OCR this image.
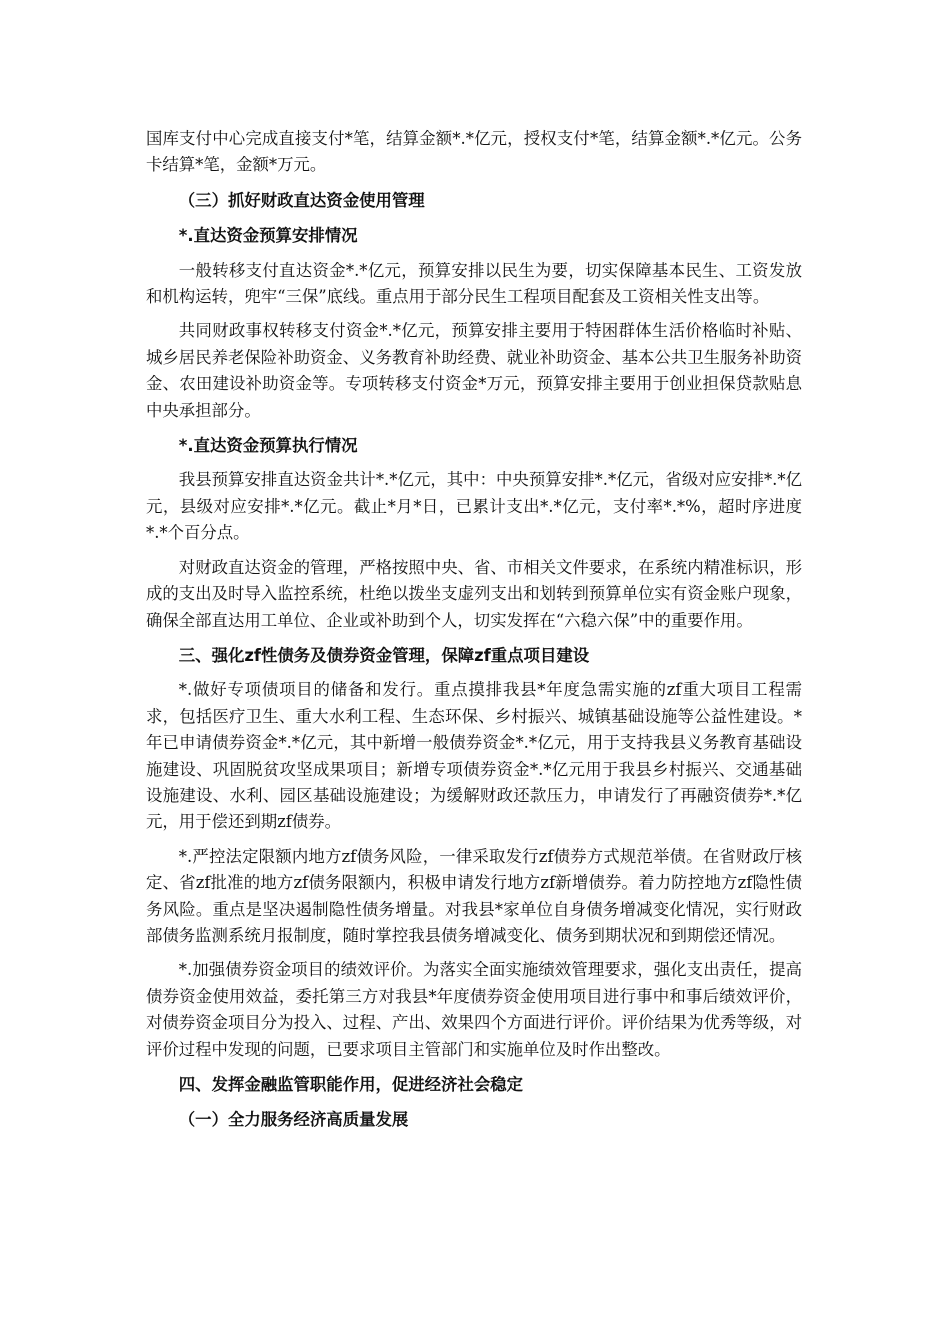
国库支付中心完成直接支付*笔，结算金额*.*亿元，授权支付*笔，结算金额*.*亿元。公务卡结算*笔，金额*万元。

（三）抓好财政直达资金使用管理

*.直达资金预算安排情况

一般转移支付直达资金*.*亿元，预算安排以民生为要，切实保障基本民生、工资发放和机构运转，兜牢“三保”底线。重点用于部分民生工程项目配套及工资相关性支出等。

共同财政事权转移支付资金*.*亿元，预算安排主要用于特困群体生活价格临时补贴、城乡居民养老保险补助资金、义务教育补助经费、就业补助资金、基本公共卫生服务补助资金、农田建设补助资金等。专项转移支付资金*万元，预算安排主要用于创业担保贷款贴息中央承担部分。

*.直达资金预算执行情况

我县预算安排直达资金共计*.*亿元，其中：中央预算安排*.*亿元，省级对应安排*.*亿元，县级对应安排*.*亿元。截止*月*日，已累计支出*.*亿元，支付率*.*%，超时序进度*.*个百分点。

对财政直达资金的管理，严格按照中央、省、市相关文件要求，在系统内精准标识，形成的支出及时导入监控系统，杜绝以拨坐支虚列支出和划转到预算单位实有资金账户现象，确保全部直达用工单位、企业或补助到个人，切实发挥在“六稳六保”中的重要作用。

三、强化zf性债务及债券资金管理，保障zf重点项目建设

*.做好专项债项目的储备和发行。重点摸排我县*年度急需实施的zf重大项目工程需求，包括医疗卫生、重大水利工程、生态环保、乡村振兴、城镇基础设施等公益性建设。*年已申请债券资金*.*亿元，其中新增一般债券资金*.*亿元，用于支持我县义务教育基础设施建设、巩固脱贫攻坚成果项目；新增专项债券资金*.*亿元用于我县乡村振兴、交通基础设施建设、水利、园区基础设施建设；为缓解财政还款压力，申请发行了再融资债券*.*亿元，用于偿还到期zf债券。

*.严控法定限额内地方zf债务风险，一律采取发行zf债券方式规范举债。在省财政厅核定、省zf批准的地方zf债务限额内，积极申请发行地方zf新增债券。着力防控地方zf隐性债务风险。重点是坚决遏制隐性债务增量。对我县*家单位自身债务增减变化情况，实行财政部债务监测系统月报制度，随时掌控我县债务增减变化、债务到期状况和到期偿还情况。

*.加强债券资金项目的绩效评价。为落实全面实施绩效管理要求，强化支出责任，提高债券资金使用效益，委托第三方对我县*年度债券资金使用项目进行事中和事后绩效评价，对债券资金项目分为投入、过程、产出、效果四个方面进行评价。评价结果为优秀等级，对评价过程中发现的问题，已要求项目主管部门和实施单位及时作出整改。

四、发挥金融监管职能作用，促进经济社会稳定

（一）全力服务经济高质量发展
